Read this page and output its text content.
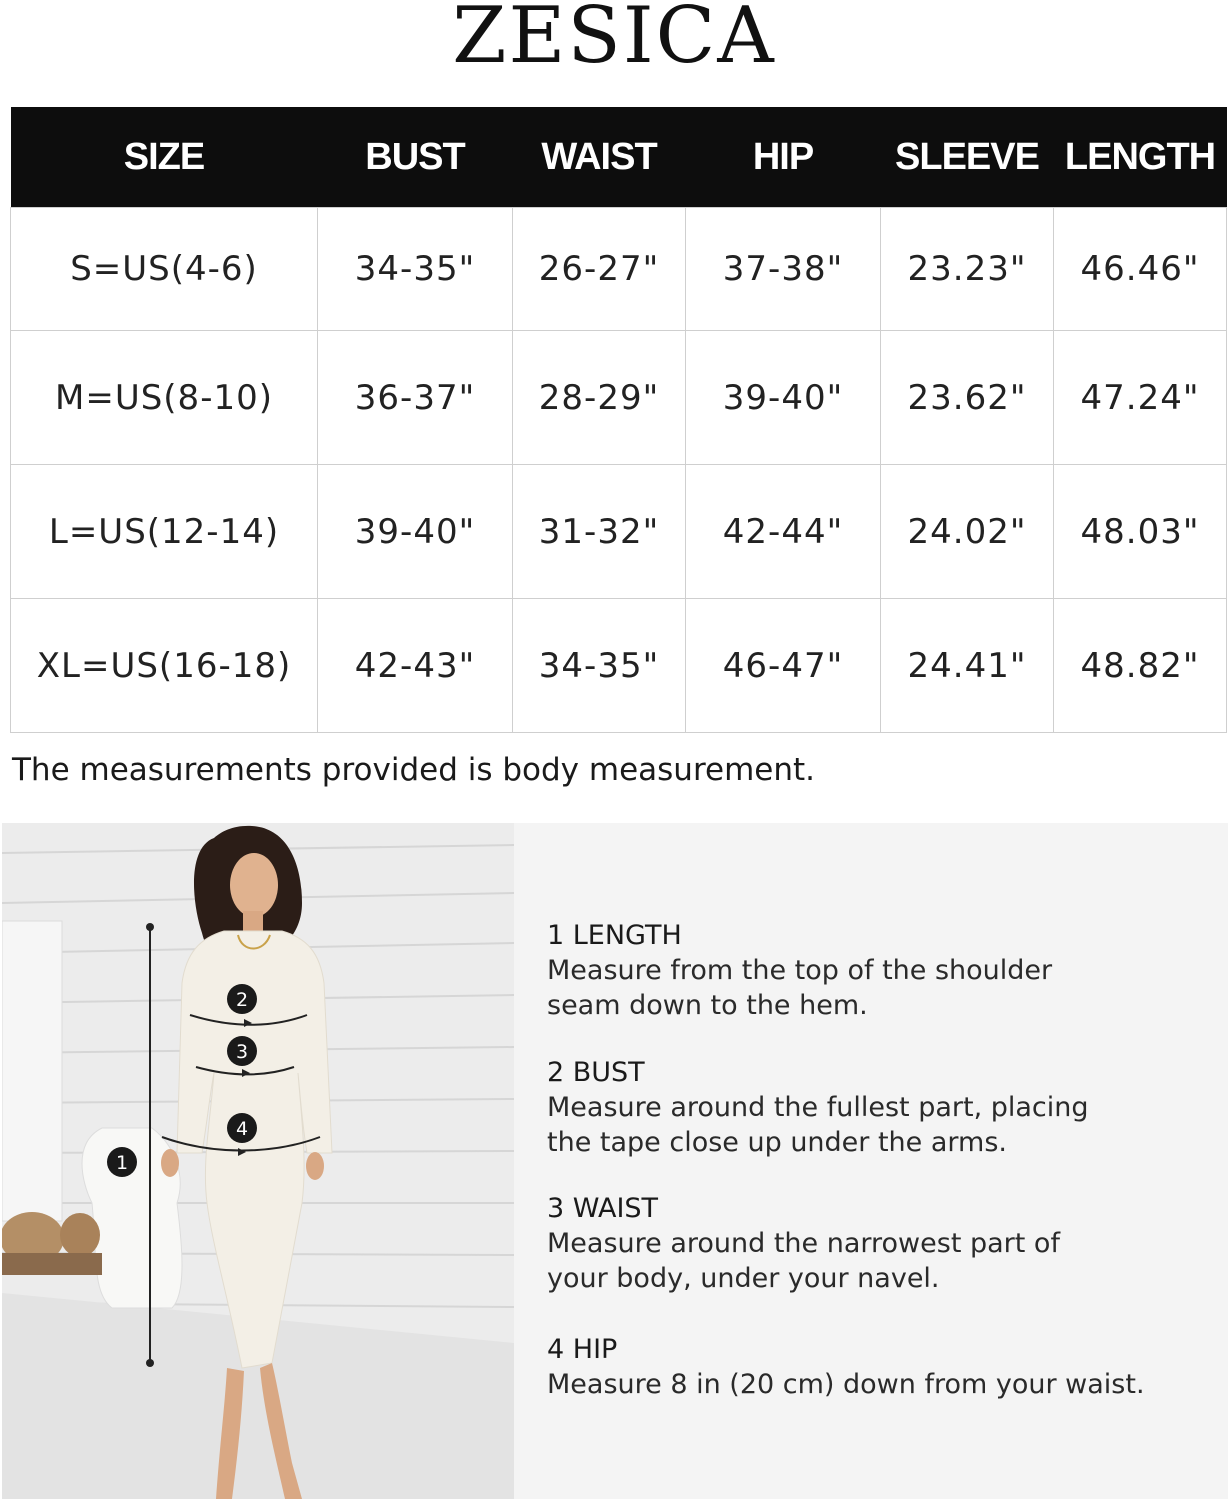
ZESICA
SIZE	BUST	WAIST	HIP	SLEEVE	LENGTH
S=US(4-6)	34-35"	26-27"	37-38"	23.23"	46.46"
M=US(8-10)	36-37"	28-29"	39-40"	23.62"	47.24"
L=US(12-14)	39-40"	31-32"	42-44"	24.02"	48.03"
XL=US(16-18)	42-43"	34-35"	46-47"	24.41"	48.82"
The measurements provided is body measurement.
1
2
3
4
1 LENGTH
Measure from the top of the shoulder
seam down to the hem.
2 BUST
Measure around the fullest part, placing
the tape close up under the arms.
3 WAIST
Measure around the narrowest part of
your body, under your navel.
4 HIP
Measure 8 in (20 cm) down from your waist.
